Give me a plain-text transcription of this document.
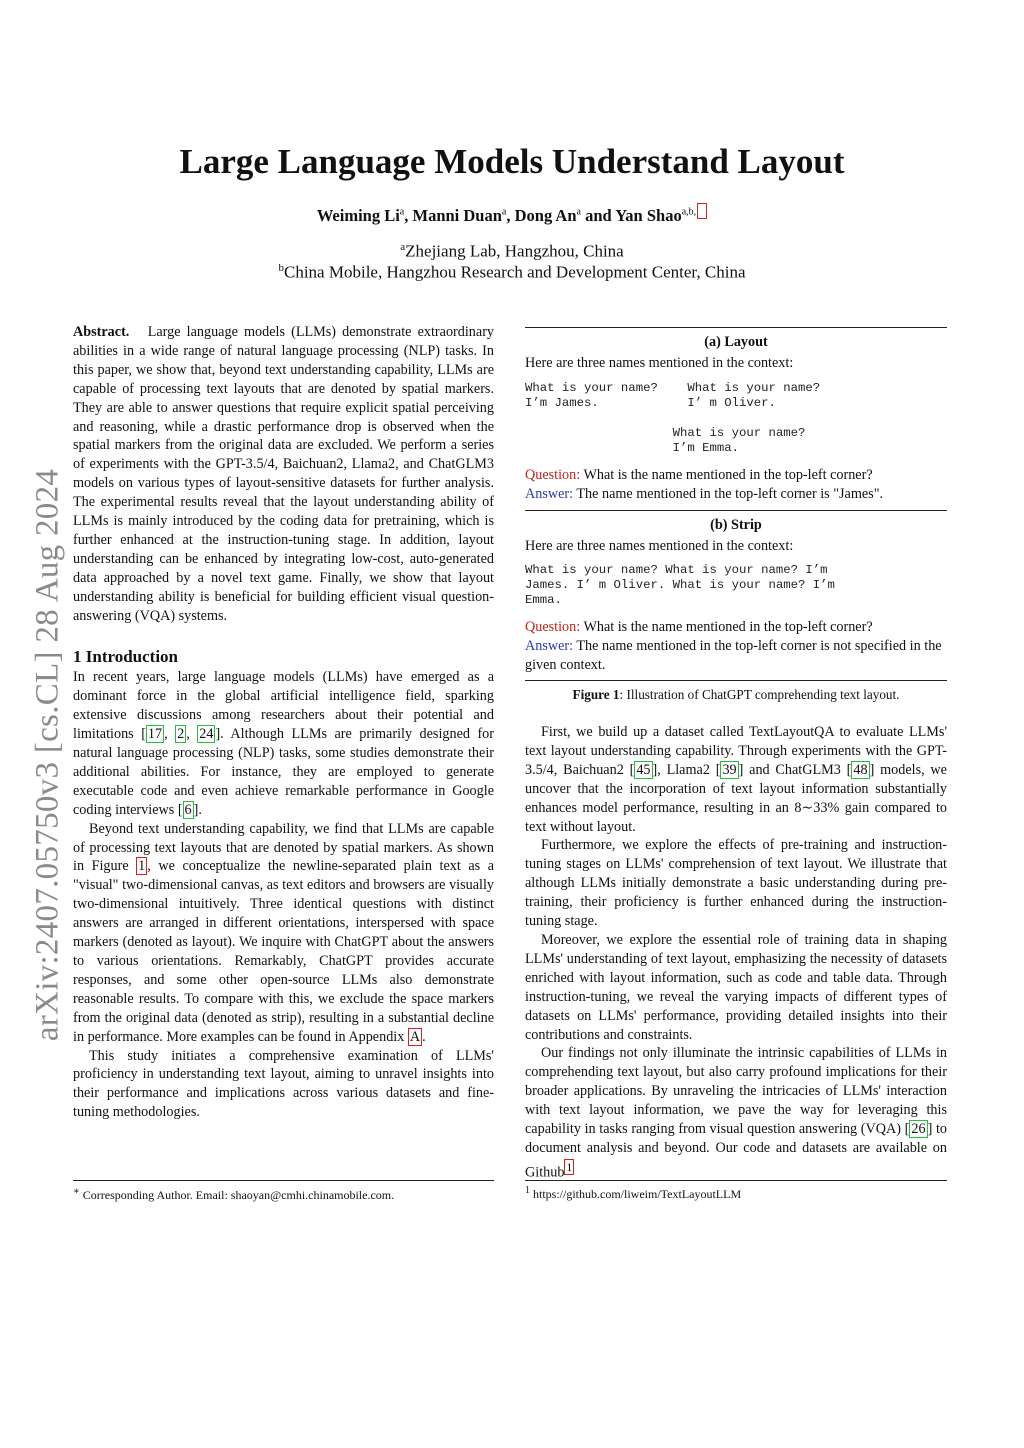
arXiv:2407.05750v3 [cs.CL] 28 Aug 2024
Large Language Models Understand Layout
Weiming Li$^a$, Manni Duan$^a$, Dong An$^a$ and Yan Shao$^{a,b,}$
$^a$Zhejiang Lab, Hangzhou, China
$^b$China Mobile, Hangzhou Research and Development Center, China

Abstract. Large language models (LLMs) demonstrate extraordinary abilities in a wide range of natural language processing (NLP) tasks. In this paper, we show that, beyond text understanding capability, LLMs are capable of processing text layouts that are denoted by spatial markers. They are able to answer questions that require explicit spatial perceiving and reasoning, while a drastic performance drop is observed when the spatial markers from the original data are excluded. We perform a series of experiments with the GPT-3.5/4, Baichuan2, Llama2, and ChatGLM3 models on various types of layout-sensitive datasets for further analysis. The experimental results reveal that the layout understanding ability of LLMs is mainly introduced by the coding data for pretraining, which is further enhanced at the instruction-tuning stage. In addition, layout understanding can be enhanced by integrating low-cost, auto-generated data approached by a novel text game. Finally, we show that layout understanding ability is beneficial for building efficient visual question-answering (VQA) systems.

1 Introduction

In recent years, large language models (LLMs) have emerged as a dominant force in the global artificial intelligence field, sparking extensive discussions among researchers about their potential and limitations [ 17 , 2 , 24 ]. Although LLMs are primarily designed for natural language processing (NLP) tasks, some studies demonstrate their additional abilities. For instance, they are employed to generate executable code and even achieve remarkable performance in Google coding interviews [ 6 ].

Beyond text understanding capability, we find that LLMs are capable of processing text layouts that are denoted by spatial markers. As shown in Figure 1 , we conceptualize the newline-separated plain text as a "visual" two-dimensional canvas, as text editors and browsers are visually two-dimensional intuitively. Three identical questions with distinct answers are arranged in different orientations, interspersed with space markers (denoted as layout). We inquire with ChatGPT about the answers to various orientations. Remarkably, ChatGPT provides accurate responses, and some other open-source LLMs also demonstrate reasonable results. To compare with this, we exclude the space markers from the original data (denoted as strip), resulting in a substantial decline in performance. More examples can be found in Appendix A .

This study initiates a comprehensive examination of LLMs' proficiency in understanding text layout, aiming to unravel insights into their performance and implications across various datasets and fine-tuning methodologies.

∗ Corresponding Author. Email: shaoyan@cmhi.chinamobile.com.
(a) Layout

Here are three names mentioned in the context:

What is your name?    What is your name?
I’m James.            I’ m Oliver.

What is your name?
I’m Emma.

Question: What is the name mentioned in the top-left corner?

Answer: The name mentioned in the top-left corner is "James".

(b) Strip

Here are three names mentioned in the context:

What is your name? What is your name? I’m
James. I’ m Oliver. What is your name? I’m
Emma.

Question: What is the name mentioned in the top-left corner?

Answer: The name mentioned in the top-left corner is not specified in the given context.

Figure 1: Illustration of ChatGPT comprehending text layout.

First, we build up a dataset called TextLayoutQA to evaluate LLMs' text layout understanding capability. Through experiments with the GPT-3.5/4, Baichuan2 [ 45 ], Llama2 [ 39 ] and ChatGLM3 [ 48 ] models, we uncover that the incorporation of text layout information substantially enhances model performance, resulting in an 8∼33% gain compared to text without layout.

Furthermore, we explore the effects of pre-training and instruction-tuning stages on LLMs' comprehension of text layout. We illustrate that although LLMs initially demonstrate a basic understanding during pre-training, their proficiency is further enhanced during the instruction-tuning stage.

Moreover, we explore the essential role of training data in shaping LLMs' understanding of text layout, emphasizing the necessity of datasets enriched with layout information, such as code and table data. Through instruction-tuning, we reveal the varying impacts of different types of datasets on LLMs' performance, providing detailed insights into their contributions and constraints.

Our findings not only illuminate the intrinsic capabilities of LLMs in comprehending text layout, but also carry profound implications for their broader applications. By unraveling the intricacies of LLMs' interaction with text layout information, we pave the way for leveraging this capability in tasks ranging from visual question answering (VQA) [ 26 ] to document analysis and beyond. Our code and datasets are available on Github $^1$

$^1$ https://github.com/liweim/TextLayoutLLM
